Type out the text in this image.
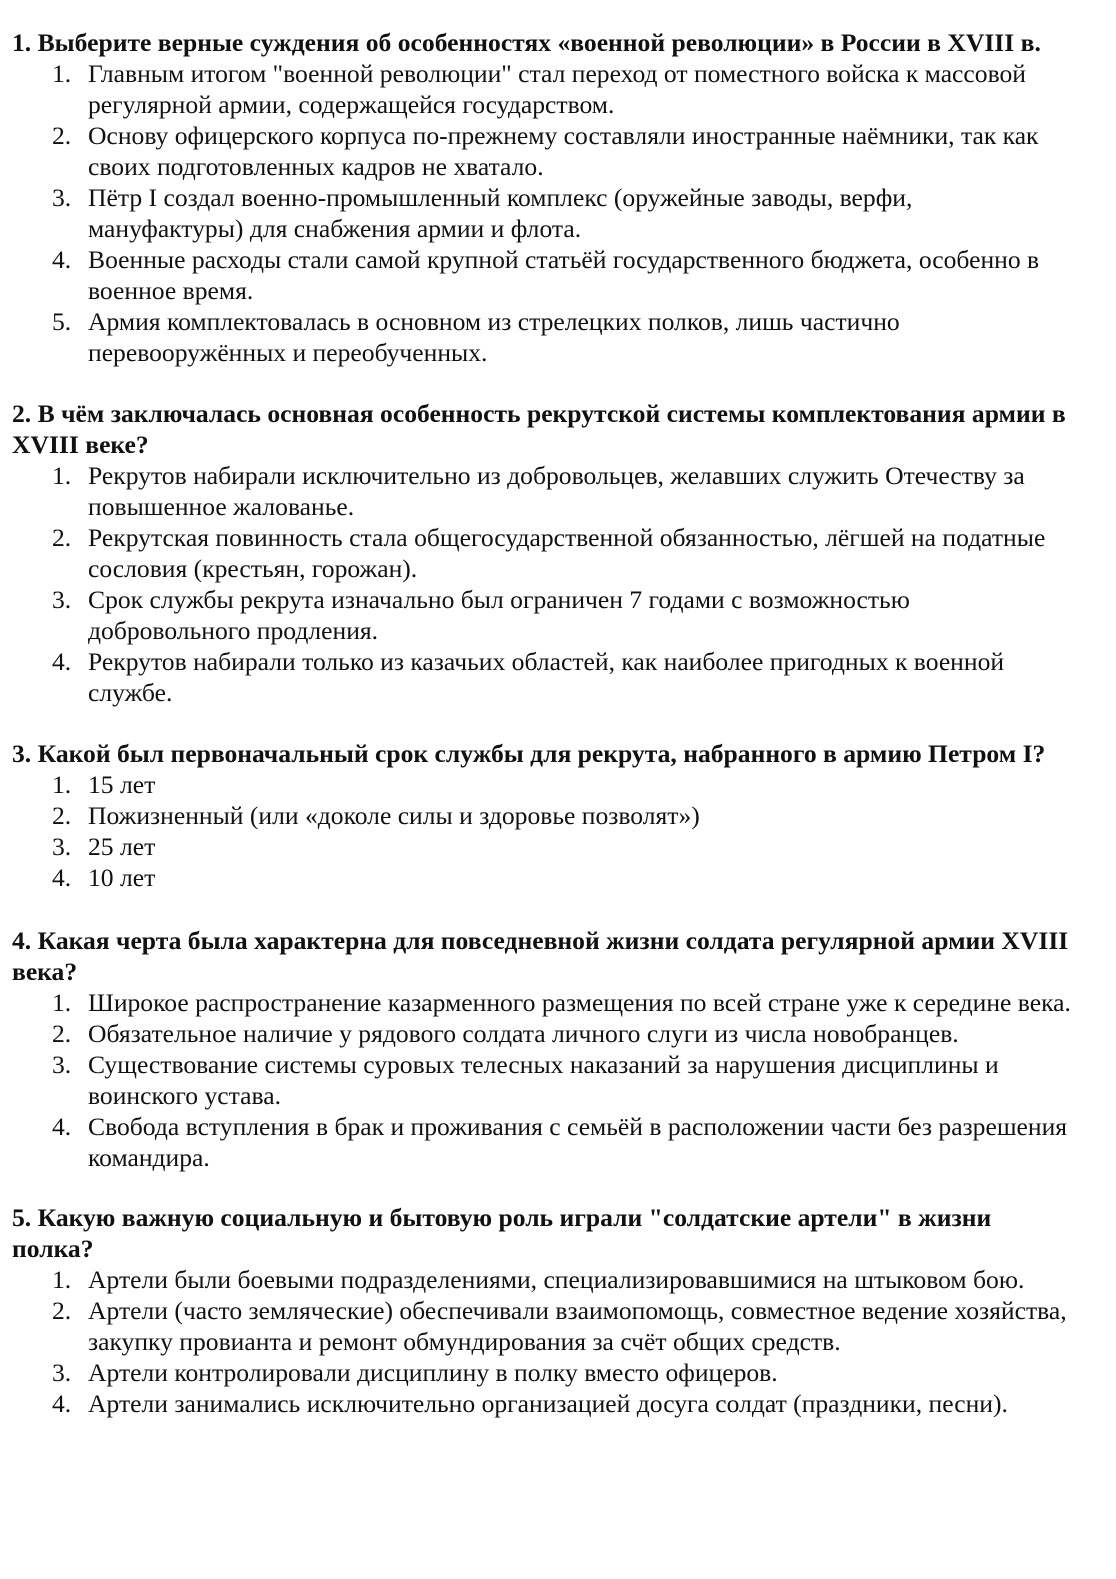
1. Выберите верные суждения об особенностях «военной революции» в России в XVIII в.
1. Главным итогом "военной революции" стал переход от поместного войска к массовой
регулярной армии, содержащейся государством.
2. Основу офицерского корпуса по-прежнему составляли иностранные наёмники, так как
своих подготовленных кадров не хватало.
3. Пётр I создал военно-промышленный комплекс (оружейные заводы, верфи,
мануфактуры) для снабжения армии и флота.
4. Военные расходы стали самой крупной статьёй государственного бюджета, особенно в
военное время.
5. Армия комплектовалась в основном из стрелецких полков, лишь частично
перевооружённых и переобученных.
2. В чём заключалась основная особенность рекрутской системы комплектования армии в
XVIII веке?
1. Рекрутов набирали исключительно из добровольцев, желавших служить Отечеству за
повышенное жалованье.
2. Рекрутская повинность стала общегосударственной обязанностью, лёгшей на податные
сословия (крестьян, горожан).
3. Срок службы рекрута изначально был ограничен 7 годами с возможностью
добровольного продления.
4. Рекрутов набирали только из казачьих областей, как наиболее пригодных к военной
службе.
3. Какой был первоначальный срок службы для рекрута, набранного в армию Петром I?
1. 15 лет
2. Пожизненный (или «доколе силы и здоровье позволят»)
3. 25 лет
4. 10 лет
4. Какая черта была характерна для повседневной жизни солдата регулярной армии XVIII
века?
1. Широкое распространение казарменного размещения по всей стране уже к середине века.
2. Обязательное наличие у рядового солдата личного слуги из числа новобранцев.
3. Существование системы суровых телесных наказаний за нарушения дисциплины и
воинского устава.
4. Свобода вступления в брак и проживания с семьёй в расположении части без разрешения
командира.
5. Какую важную социальную и бытовую роль играли "солдатские артели" в жизни
полка?
1. Артели были боевыми подразделениями, специализировавшимися на штыковом бою.
2. Артели (часто земляческие) обеспечивали взаимопомощь, совместное ведение хозяйства,
закупку провианта и ремонт обмундирования за счёт общих средств.
3. Артели контролировали дисциплину в полку вместо офицеров.
4. Артели занимались исключительно организацией досуга солдат (праздники, песни).
